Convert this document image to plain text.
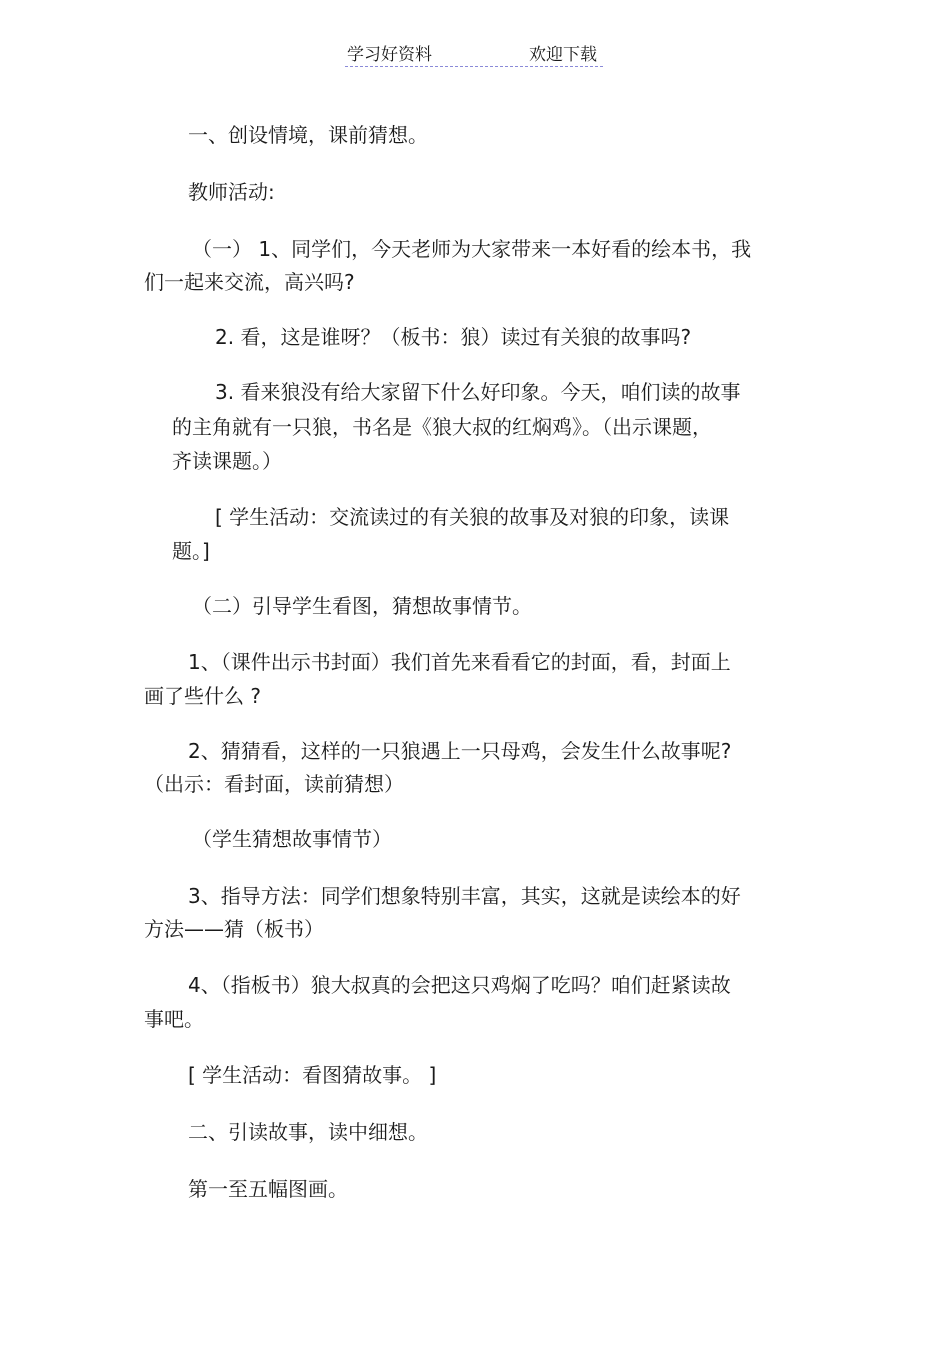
学习好资料	欢迎下载

一、创设情境，课前猜想。

教师活动:

（一） 1、同学们，今天老师为大家带来一本好看的绘本书，我

们一起来交流，高兴吗?

2. 看，这是谁呀？（板书：狼）读过有关狼的故事吗?

3. 看来狼没有给大家留下什么好印象。今天，咱们读的故事

的主角就有一只狼，书名是《狼大叔的红焖鸡》。（出示课题，

齐读课题。）

[ 学生活动：交流读过的有关狼的故事及对狼的印象，读课

题。]

（二）引导学生看图，猜想故事情节。

1、（课件出示书封面）我们首先来看看它的封面，看，封面上

画了些什么 ?

2、猜猜看，这样的一只狼遇上一只母鸡，会发生什么故事呢?

（出示：看封面，读前猜想）

（学生猜想故事情节）

3、指导方法：同学们想象特别丰富，其实，这就是读绘本的好

方法——猜（板书）

4、（指板书）狼大叔真的会把这只鸡焖了吃吗？咱们赶紧读故

事吧。

[ 学生活动：看图猜故事。 ]

二、引读故事，读中细想。

第一至五幅图画。
